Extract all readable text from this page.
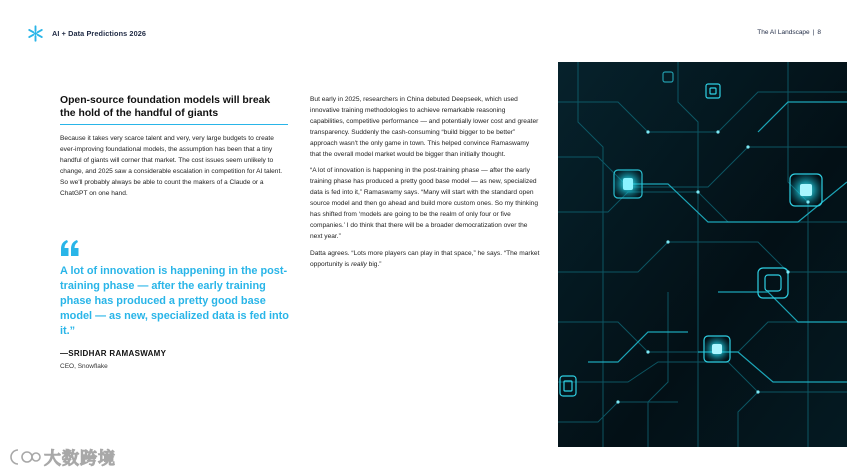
AI + Data Predictions 2026	The AI Landscape | 8
Open-source foundation models will break the hold of the handful of giants

Because it takes very scarce talent and very, very large budgets to create ever-improving foundational models, the assumption has been that a tiny handful of giants will corner that market. The cost issues seem unlikely to change, and 2025 saw a considerable escalation in competition for AI talent. So we'll probably always be able to count the makers of a Claude or a ChatGPT on one hand.

A lot of innovation is happening in the post-training phase — after the early training phase has produced a pretty good base model — as new, specialized data is fed into it.”

—SRIDHAR RAMASWAMY
CEO, Snowflake

But early in 2025, researchers in China debuted Deepseek, which used innovative training methodologies to achieve remarkable reasoning capabilities, competitive performance — and potentially lower cost and greater transparency. Suddenly the cash-consuming “build bigger to be better” approach wasn't the only game in town. This helped convince Ramaswamy that the overall model market would be bigger than initially thought.

“A lot of innovation is happening in the post-training phase — after the early training phase has produced a pretty good base model — as new, specialized data is fed into it,” Ramaswamy says. “Many will start with the standard open source model and then go ahead and build more custom ones. So my thinking has shifted from ‘models are going to be the realm of only four or five companies.’ I do think that there will be a broader democratization over the next year.”

Datta agrees. “Lots more players can play in that space,” he says. “The market opportunity is really big.”

大数跨境
